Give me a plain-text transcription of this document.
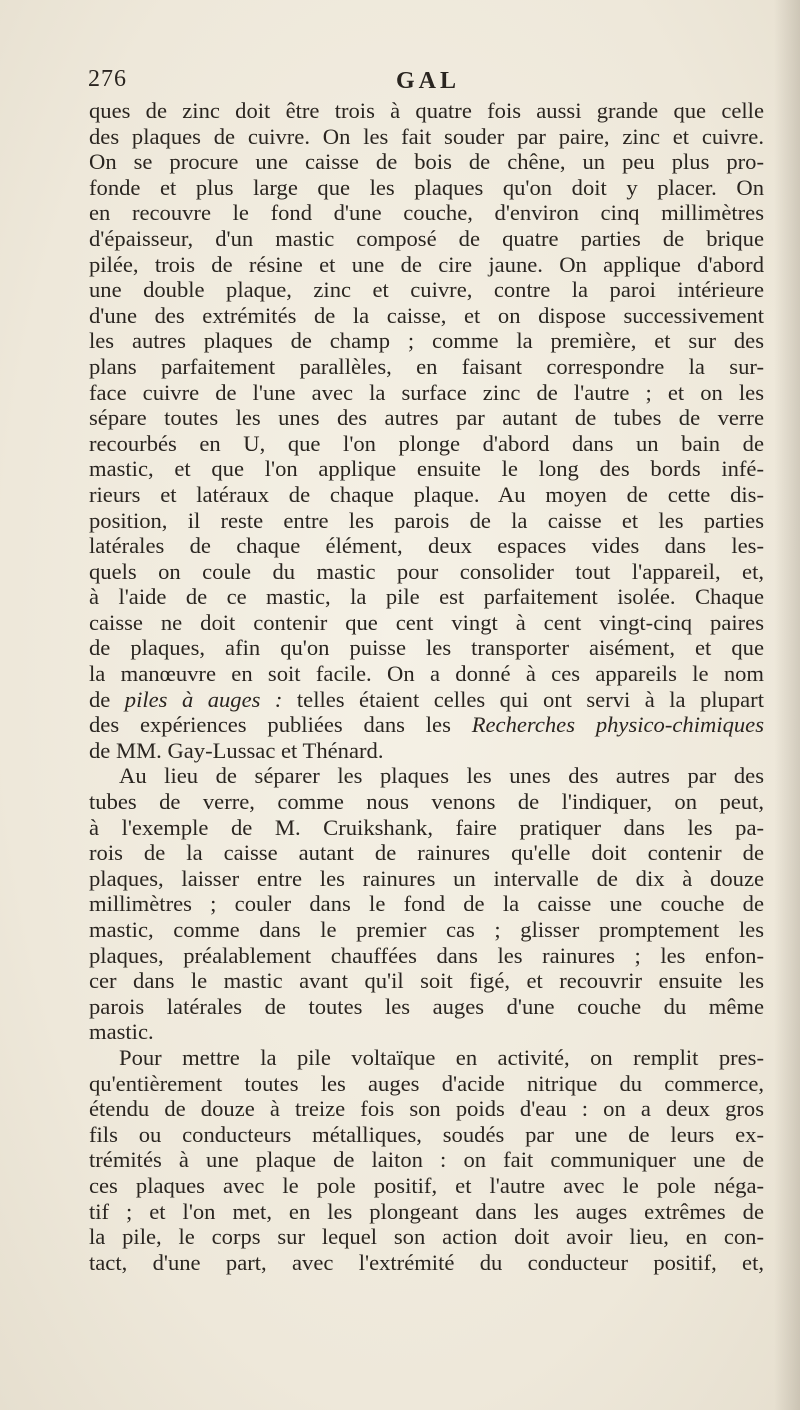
276	GAL
ques de zinc doit être trois à quatre fois aussi grande que celle
des plaques de cuivre. On les fait souder par paire, zinc et cuivre.
On se procure une caisse de bois de chêne, un peu plus pro-
fonde et plus large que les plaques qu'on doit y placer. On
en recouvre le fond d'une couche, d'environ cinq millimètres
d'épaisseur, d'un mastic composé de quatre parties de brique
pilée, trois de résine et une de cire jaune. On applique d'abord
une double plaque, zinc et cuivre, contre la paroi intérieure
d'une des extrémités de la caisse, et on dispose successivement
les autres plaques de champ ; comme la première, et sur des
plans parfaitement parallèles, en faisant correspondre la sur-
face cuivre de l'une avec la surface zinc de l'autre ; et on les
sépare toutes les unes des autres par autant de tubes de verre
recourbés en U, que l'on plonge d'abord dans un bain de
mastic, et que l'on applique ensuite le long des bords infé-
rieurs et latéraux de chaque plaque. Au moyen de cette dis-
position, il reste entre les parois de la caisse et les parties
latérales de chaque élément, deux espaces vides dans les-
quels on coule du mastic pour consolider tout l'appareil, et,
à l'aide de ce mastic, la pile est parfaitement isolée. Chaque
caisse ne doit contenir que cent vingt à cent vingt-cinq paires
de plaques, afin qu'on puisse les transporter aisément, et que
la manœuvre en soit facile. On a donné à ces appareils le nom
de piles à auges : telles étaient celles qui ont servi à la plupart
des expériences publiées dans les Recherches physico-chimiques
de MM. Gay-Lussac et Thénard.
Au lieu de séparer les plaques les unes des autres par des
tubes de verre, comme nous venons de l'indiquer, on peut,
à l'exemple de M. Cruikshank, faire pratiquer dans les pa-
rois de la caisse autant de rainures qu'elle doit contenir de
plaques, laisser entre les rainures un intervalle de dix à douze
millimètres ; couler dans le fond de la caisse une couche de
mastic, comme dans le premier cas ; glisser promptement les
plaques, préalablement chauffées dans les rainures ; les enfon-
cer dans le mastic avant qu'il soit figé, et recouvrir ensuite les
parois latérales de toutes les auges d'une couche du même
mastic.
Pour mettre la pile voltaïque en activité, on remplit pres-
qu'entièrement toutes les auges d'acide nitrique du commerce,
étendu de douze à treize fois son poids d'eau : on a deux gros
fils ou conducteurs métalliques, soudés par une de leurs ex-
trémités à une plaque de laiton : on fait communiquer une de
ces plaques avec le pole positif, et l'autre avec le pole néga-
tif ; et l'on met, en les plongeant dans les auges extrêmes de
la pile, le corps sur lequel son action doit avoir lieu, en con-
tact, d'une part, avec l'extrémité du conducteur positif, et,
